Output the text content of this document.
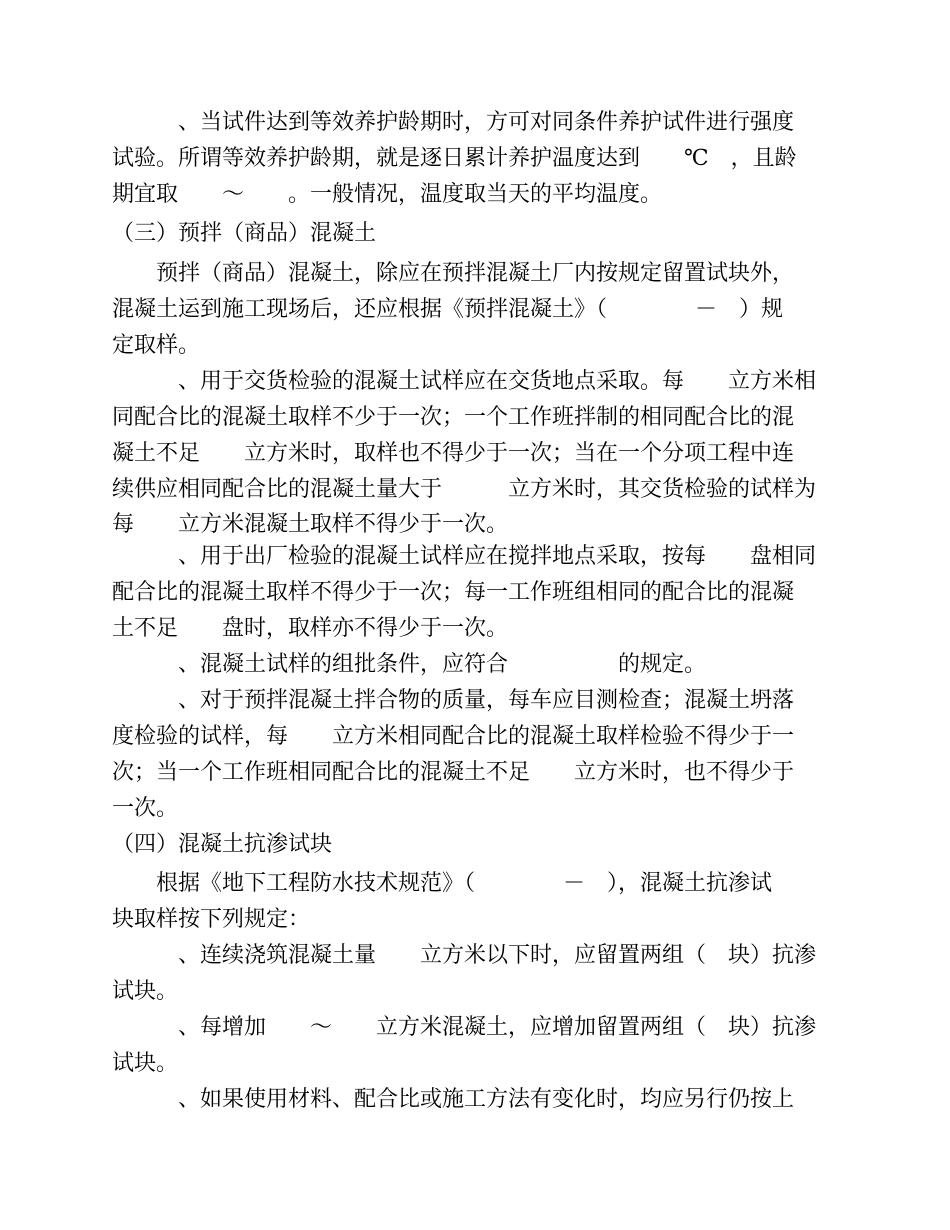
　　　、当试件达到等效养护龄期时，方可对同条件养护试件进行强度
试验。所谓等效养护龄期，就是逐日累计养护温度达到　　℃　，且龄
期宜取　　～　　。一般情况，温度取当天的平均温度。
（三）预拌（商品）混凝土
　　预拌（商品）混凝土，除应在预拌混凝土厂内按规定留置试块外，
混凝土运到施工现场后，还应根据《预拌混凝土》（　　　　－　）规
定取样。
　　　、用于交货检验的混凝土试样应在交货地点采取。每　　立方米相
同配合比的混凝土取样不少于一次；一个工作班拌制的相同配合比的混
凝土不足　　立方米时，取样也不得少于一次；当在一个分项工程中连
续供应相同配合比的混凝土量大于　　　立方米时，其交货检验的试样为
每　　立方米混凝土取样不得少于一次。
　　　、用于出厂检验的混凝土试样应在搅拌地点采取，按每　　盘相同
配合比的混凝土取样不得少于一次；每一工作班组相同的配合比的混凝
土不足　　盘时，取样亦不得少于一次。
　　　、混凝土试样的组批条件，应符合　　　　　的规定。
　　　、对于预拌混凝土拌合物的质量，每车应目测检查；混凝土坍落
度检验的试样，每　　立方米相同配合比的混凝土取样检验不得少于一
次；当一个工作班相同配合比的混凝土不足　　立方米时，也不得少于
一次。
（四）混凝土抗渗试块
　　根据《地下工程防水技术规范》（　　　　－　），混凝土抗渗试
块取样按下列规定：
　　　、连续浇筑混凝土量　　立方米以下时，应留置两组（　块）抗渗
试块。
　　　、每增加　　～　　立方米混凝土，应增加留置两组（　块）抗渗
试块。
　　　、如果使用材料、配合比或施工方法有变化时，均应另行仍按上
